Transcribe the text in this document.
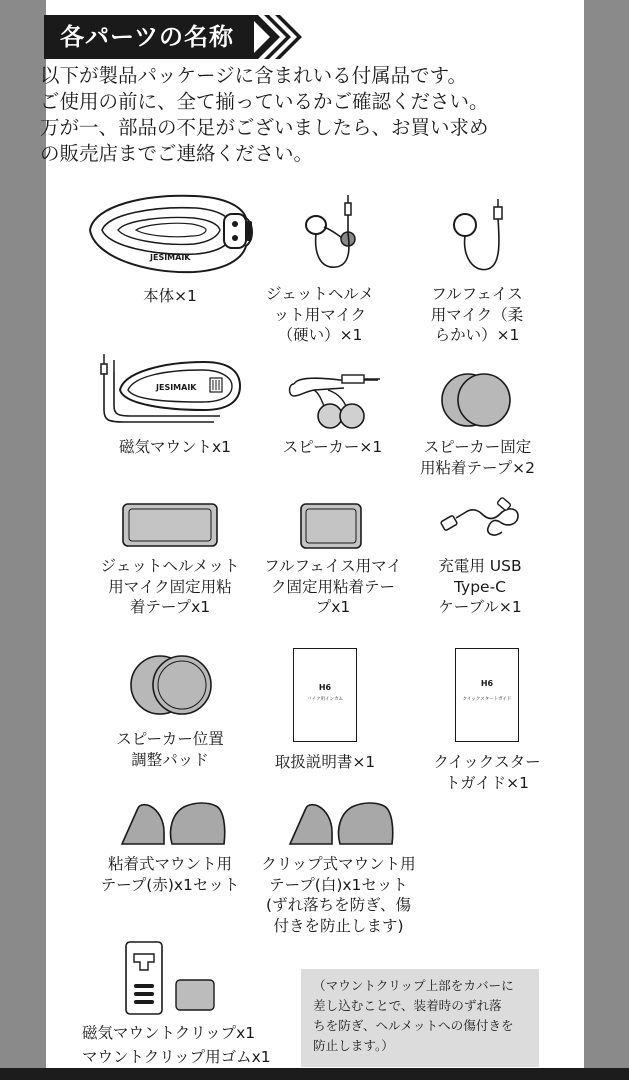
各パーツの名称
以下が製品パッケージに含まれいる付属品です。
ご使用の前に、全て揃っているかご確認ください。
万が一、部品の不足がございましたら、お買い求め
の販売店までご連絡ください。
JESIMAIK
本体×1	ジェットヘルメ
ット用マイク
（硬い）×1
フルフェイス
用マイク（柔
らかい）×1
JESIMAIK
磁気マウントx1	スピーカー×1	スピーカー固定
用粘着テープ×2
ジェットヘルメット
用マイク固定用粘
着テープx1
フルフェイス用マイ
ク固定用粘着テー
プx1
充電用 USB
Type-C
ケーブル×1
スピーカー位置
調整パッド
H6
バイク用インカム
取扱説明書×1
H6
クイックスタートガイド
クイックスター
トガイド×1
粘着式マウント用
テープ(赤)x1セット
クリップ式マウント用
テープ(白)x1セット
(ずれ落ちを防ぎ、傷
付きを防止します)
磁気マウントクリップx1
マウントクリップ用ゴムx1
（マウントクリップ上部をカバーに
差し込むことで、装着時のずれ落
ちを防ぎ、ヘルメットへの傷付きを
防止します。）
